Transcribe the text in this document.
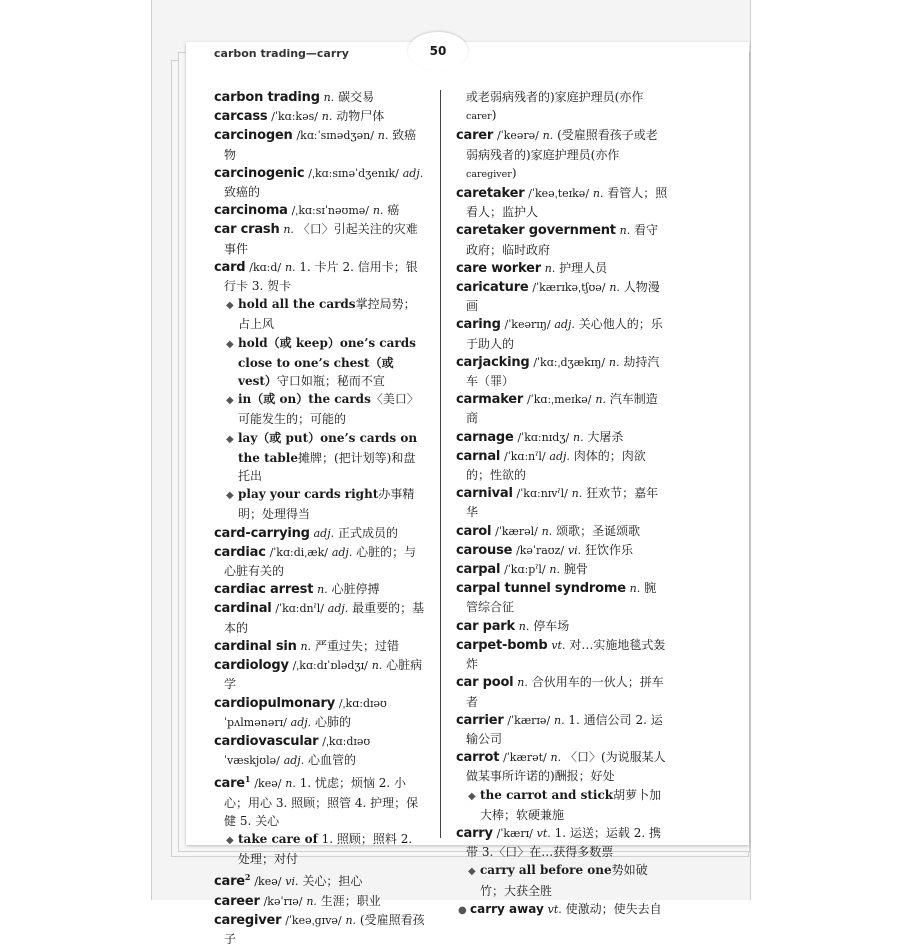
carbon trading—carry	50
carbon trading n. 碳交易
carcass /ˈkɑːkəs/ n. 动物尸体
carcinogen /kɑːˈsɪnədʒən/ n. 致癌物
carcinogenic /ˌkɑːsɪnəˈdʒenɪk/ adj. 致癌的
carcinoma /ˌkɑːsɪˈnəʊmə/ n. 癌
car crash n. 〈口〉引起关注的灾难事件
card /kɑːd/ n. 1. 卡片 2. 信用卡；银行卡 3. 贺卡
◆ hold all the cards掌控局势；占上风
◆ hold（或 keep）one’s cards close to one’s chest（或 vest）守口如瓶；秘而不宣
◆ in（或 on）the cards〈美口〉可能发生的；可能的
◆ lay（或 put）one’s cards on the table摊牌；(把计划等)和盘托出
◆ play your cards right办事精明；处理得当
card-carrying adj. 正式成员的
cardiac /ˈkɑːdiˌæk/ adj. 心脏的；与心脏有关的
cardiac arrest n. 心脏停搏
cardinal /ˈkɑːdnˀl/ adj. 最重要的；基本的
cardinal sin n. 严重过失；过错
cardiology /ˌkɑːdɪˈɒlədʒɪ/ n. 心脏病学
cardiopulmonary /ˌkɑːdɪəʊˈpʌlmənərɪ/ adj. 心肺的
cardiovascular /ˌkɑːdɪəʊˈvæskjʊlə/ adj. 心血管的
care$^1$ /keə/ n. 1. 忧虑；烦恼 2. 小心；用心 3. 照顾；照管 4. 护理；保健 5. 关心
◆ take care of 1. 照顾；照料 2. 处理；对付
care$^2$ /keə/ vi. 关心；担心
career /kəˈrɪə/ n. 生涯；职业
caregiver /ˈkeəˌgɪvə/ n. (受雇照看孩子
或老弱病残者的)家庭护理员(亦作carer)
carer /ˈkeərə/ n. (受雇照看孩子或老弱病残者的)家庭护理员(亦作caregiver)
caretaker /ˈkeəˌteɪkə/ n. 看管人；照看人；监护人
caretaker government n. 看守政府；临时政府
care worker n. 护理人员
caricature /ˈkærɪkəˌtʃʊə/ n. 人物漫画
caring /ˈkeərɪŋ/ adj. 关心他人的；乐于助人的
carjacking /ˈkɑːˌdʒækɪŋ/ n. 劫持汽车（罪）
carmaker /ˈkɑːˌmeɪkə/ n. 汽车制造商
carnage /ˈkɑːnɪdʒ/ n. 大屠杀
carnal /ˈkɑːnˀl/ adj. 肉体的；肉欲的；性欲的
carnival /ˈkɑːnɪvˀl/ n. 狂欢节；嘉年华
carol /ˈkærəl/ n. 颂歌；圣诞颂歌
carouse /kəˈraʊz/ vi. 狂饮作乐
carpal /ˈkɑːpˀl/ n. 腕骨
carpal tunnel syndrome n. 腕管综合征
car park n. 停车场
carpet-bomb vt. 对…实施地毯式轰炸
car pool n. 合伙用车的一伙人；拼车者
carrier /ˈkærɪə/ n. 1. 通信公司 2. 运输公司
carrot /ˈkærət/ n. 〈口〉(为说服某人做某事所许诺的)酬报；好处
◆ the carrot and stick胡萝卜加大棒；软硬兼施
carry /ˈkærɪ/ vt. 1. 运送；运载 2. 携带 3.〈口〉在…获得多数票
◆ carry all before one势如破竹；大获全胜
● carry away vt. 使激动；使失去自
